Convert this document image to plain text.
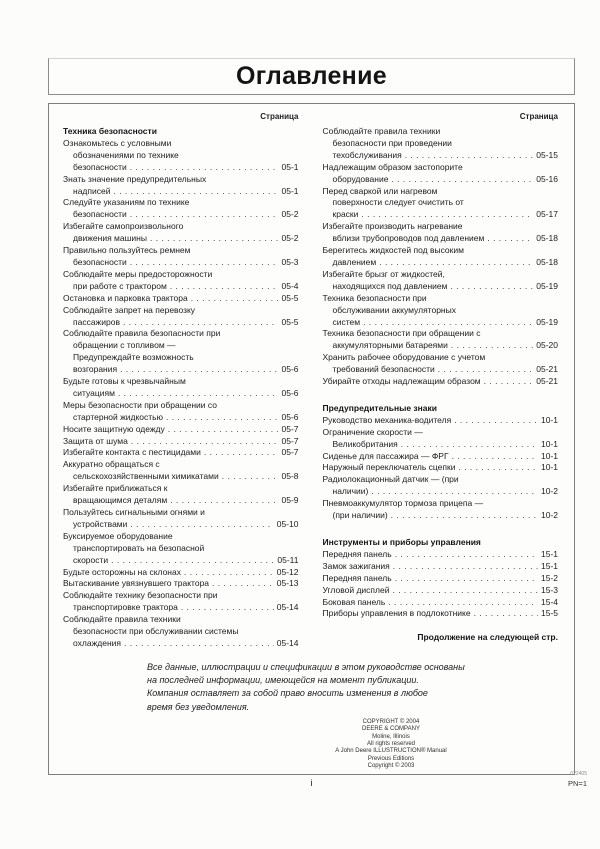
Оглавление
Страница
Техника безопасности
Ознакомьтесь с условными
обозначениями по технике
безопасности . . .	05-1
Знать значение предупредительных
надписей . . .	05-1
Следуйте указаниям по технике
безопасности . . .	05-2
Избегайте самопроизвольного
движения машины . . .	05-2
Правильно пользуйтесь ремнем
безопасности . . .	05-3
Соблюдайте меры предосторожности
при работе с трактором . . .	05-4
Остановка и парковка трактора . . .	05-5
Соблюдайте запрет на перевозку
пассажиров . . .	05-5
Соблюдайте правила безопасности при
обращении с топливом —
Предупреждайте возможность
возгорания . . .	05-6
Будьте готовы к чрезвычайным
ситуациям . . .	05-6
Меры безопасности при обращении со
стартерной жидкостью . . .	05-6
Носите защитную одежду . . .	05-7
Защита от шума . . .	05-7
Избегайте контакта с пестицидами . . .	05-7
Аккуратно обращаться с
сельскохозяйственными химикатами . . .	05-8
Избегайте приближаться к
вращающимся деталям . . .	05-9
Пользуйтесь сигнальными огнями и
устройствами . . .	05-10
Буксируемое оборудование
транспортировать на безопасной
скорости . . .	05-11
Будьте осторожны на склонах . . .	05-12
Вытаскивание увязнувшего трактора . . .	05-13
Соблюдайте технику безопасности при
транспортировке трактора . . .	05-14
Соблюдайте правила техники
безопасности при обслуживании системы
охлаждения . . .	05-14
Страница
Соблюдайте правила техники
безопасности при проведении
техобслуживания . . .	05-15
Надлежащим образом застопорите
оборудование . . .	05-16
Перед сваркой или нагревом
поверхности следует очистить от
краски . . .	05-17
Избегайте производить нагревание
вблизи трубопроводов под давлением . . .	05-18
Берегитесь жидкостей под высоким
давлением . . .	05-18
Избегайте брызг от жидкостей,
находящихся под давлением . . .	05-19
Техника безопасности при
обслуживании аккумуляторных
систем . . .	05-19
Техника безопасности при обращении с
аккумуляторными батареями . . .	05-20
Хранить рабочее оборудование с учетом
требований безопасности . . .	05-21
Убирайте отходы надлежащим образом . . .	05-21
Предупредительные знаки
Руководство механика-водителя . . .	10-1
Ограничение скорости —
Великобритания . . .	10-1
Сиденье для пассажира — ФРГ . . .	10-1
Наружный переключатель сцепки . . .	10-1
Радиолокационный датчик — (при
наличии) . . .	10-2
Пневмоаккумулятор тормоза прицепа —
(при наличии) . . .	10-2
Инструменты и приборы управления
Передняя панель . . .	15-1
Замок зажигания . . .	15-1
Передняя панель . . .	15-2
Угловой дисплей . . .	15-3
Боковая панель . . .	15-4
Приборы управления в подлокотнике . . .	15-5
Продолжение на следующей стр.
Все данные, иллюстрации и спецификации в этом руководстве основаны
на последней информации, имеющейся на момент публикации.
Компания оставляет за собой право вносить изменения в любое
время без уведомления.
COPYRIGHT © 2004
DEERE & COMPANY
Moline, Illinois
All rights reserved
A John Deere ILLUSTRUCTION® Manual
Previous Editions
Copyright © 2003
i
022405
PN=1
